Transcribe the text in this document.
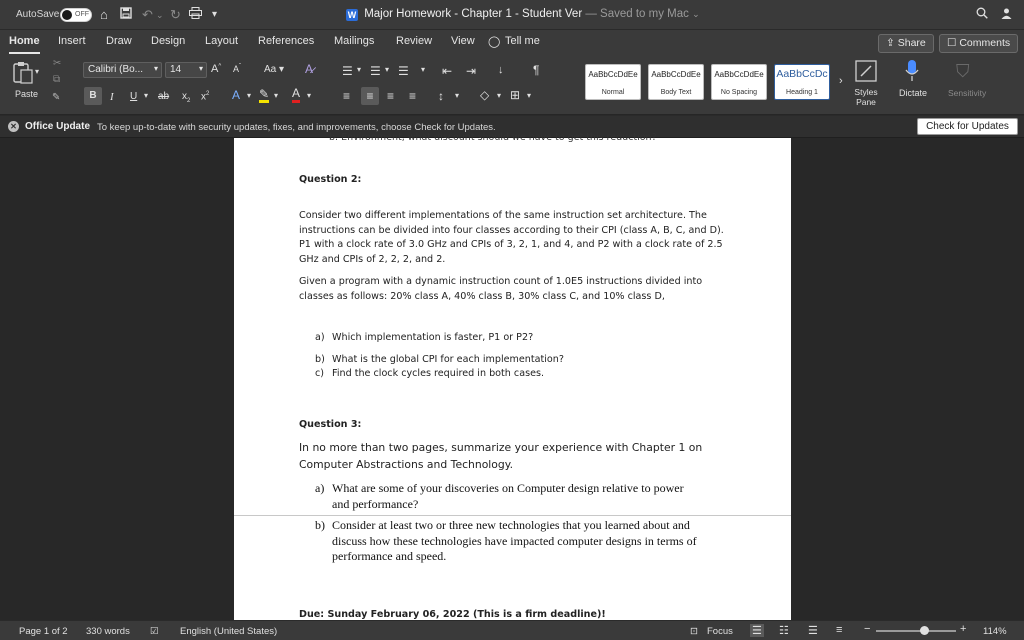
AutoSave OFF ⌂	↶ ⌄ ↻	▾	W Major Homework - Chapter 1 - Student Ver — Saved to my Mac ⌄
Home Insert Draw Design Layout References Mailings Review View ◯ Tell me	⇪ Share	☐ Comments
▾
Paste
✂
⧉
✎
Calibri (Bo... ▾	14 ▾ A^ $A^ˇ$ Aa ▾ A̷
B	I U ▾ ab $x_2$ $x^2$ A ▾ ✎ ▾ A ▾
☰ ▾ ☰ ▾ ☰ ▾ ⇤ ⇥ ↓ ¶
≡	≡	≡ ≡ ↕ ▾ ◇ ▾ ⊞ ▾
AaBbCcDdEe
Normal
AaBbCcDdEe
Body Text
AaBbCcDdEe
No Spacing
AaBbCcDc
Heading 1
›
Styles Pane
Dictate
⛉
Sensitivity
✕ Office Update To keep up-to-date with security updates, fixes, and improvements, choose Check for Updates.	Check for Updates
b. Environment, what discount should we have to get this reduction?
Question 2:
Consider two different implementations of the same instruction set architecture. The
instructions can be divided into four classes according to their CPI (class A, B, C, and D).
P1 with a clock rate of 3.0 GHz and CPIs of 3, 2, 1, and 4, and P2 with a clock rate of 2.5
GHz and CPIs of 2, 2, 2, and 2.
Given a program with a dynamic instruction count of 1.0E5 instructions divided into
classes as follows: 20% class A, 40% class B, 30% class C, and 10% class D,
a) Which implementation is faster, P1 or P2?
b) What is the global CPI for each implementation?
c) Find the clock cycles required in both cases.
Question 3:
In no more than two pages, summarize your experience with Chapter 1 on
Computer Abstractions and Technology.
a) What are some of your discoveries on Computer design relative to power
and performance?
b) Consider at least two or three new technologies that you learned about and
discuss how these technologies have impacted computer designs in terms of
performance and speed.
Due: Sunday February 06, 2022 (This is a firm deadline)!
Page 1 of 2 330 words ☑ English (United States)	⊡ Focus ☰ ☷ ☰ ≡ −	+ 114%
